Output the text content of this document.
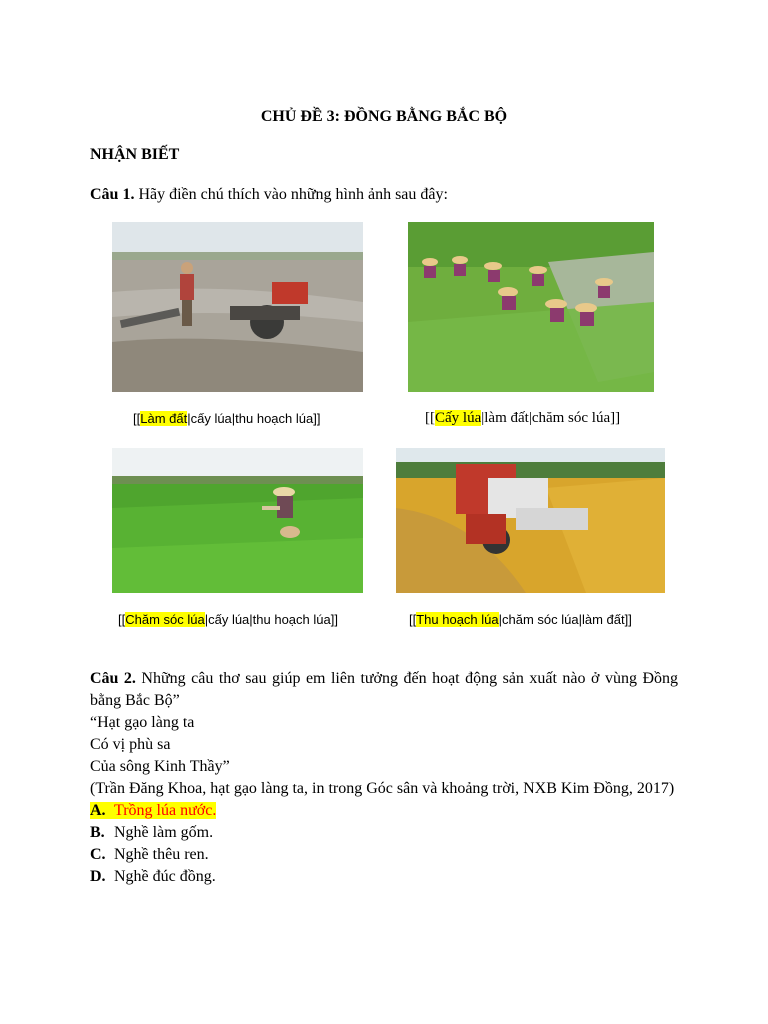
CHỦ ĐỀ 3: ĐỒNG BẰNG BẮC BỘ
NHẬN BIẾT
Câu 1. Hãy điền chú thích vào những hình ảnh sau đây:
[[Làm đất|cấy lúa|thu hoạch lúa]]	[[Cấy lúa|làm đất|chăm sóc lúa]]
[[Chăm sóc lúa|cấy lúa|thu hoạch lúa]]	[[Thu hoạch lúa|chăm sóc lúa|làm đất]]
Câu 2. Những câu thơ sau giúp em liên tưởng đến hoạt động sản xuất nào ở vùng Đồng bằng Bắc Bộ”
“Hạt gạo làng ta
Có vị phù sa
Của sông Kinh Thầy”
(Trần Đăng Khoa, hạt gạo làng ta, in trong Góc sân và khoảng trời, NXB Kim Đồng, 2017)
A. Trồng lúa nước.
B. Nghề làm gốm.
C. Nghề thêu ren.
D. Nghề đúc đồng.
